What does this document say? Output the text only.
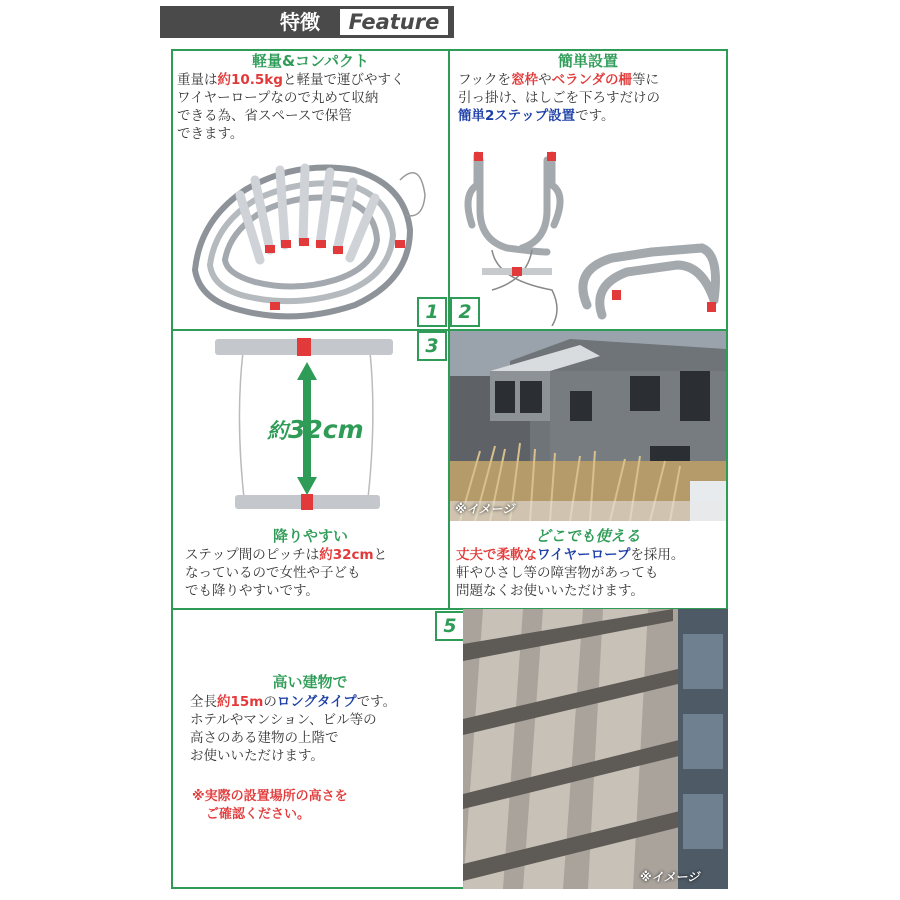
特徴	Feature
軽量&コンパクト
重量は約10.5kgと軽量で運びやすく
ワイヤーロープなので丸めて収納
できる為、省スペースで保管
できます。
簡単設置
フックを窓枠やベランダの柵等に
引っ掛け、はしごを下ろすだけの
簡単2ステップ設置です。
1	2
3
約32cm
降りやすい
ステップ間のピッチは約32cmと
なっているので女性や子ども
でも降りやすいです。
※イメージ
どこでも使える
丈夫で柔軟なワイヤーロープを採用。
軒やひさし等の障害物があっても
問題なくお使いいただけます。
5
高い建物で
全長約15mのロングタイプです。
ホテルやマンション、ビル等の
高さのある建物の上階で
お使いいただけます。
※実際の設置場所の高さを
ご確認ください。
※イメージ
